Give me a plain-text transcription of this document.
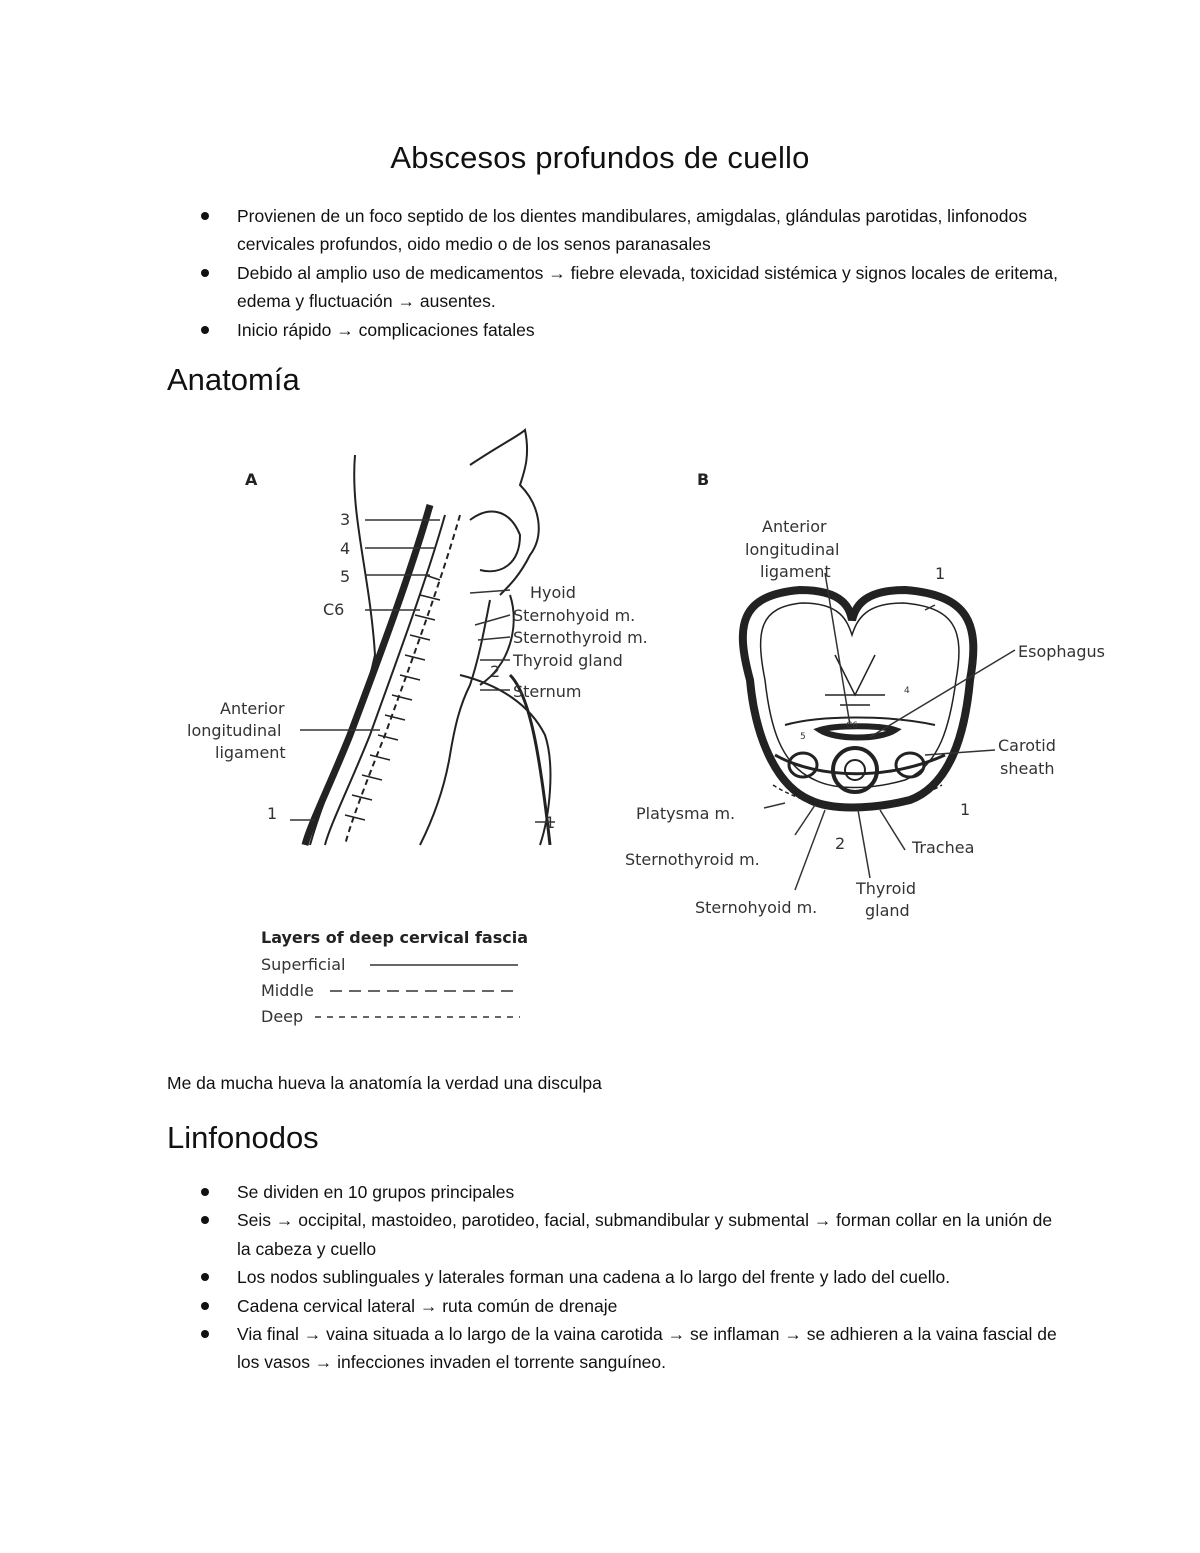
Abscesos profundos de cuello
Provienen de un foco septido de los dientes mandibulares, amigdalas, glándulas parotidas, linfonodos cervicales profundos, oido medio o de los senos paranasales
Debido al amplio uso de medicamentos → fiebre elevada, toxicidad sistémica y signos locales de eritema, edema y fluctuación → ausentes.
Inicio rápido → complicaciones fatales
Anatomía
A
3
4
5
C6
Hyoid
Sternohyoid m.
Sternothyroid m.
Thyroid gland
2
Sternum
Anterior
longitudinal
ligament
1	1
B
Anterior
longitudinal
ligament	1
Esophagus
4
5
C6
Carotid
sheath
Platysma m.	1
2	Trachea
Sternothyroid m.
Thyroid
gland
Sternohyoid m.
Layers of deep cervical fascia
Superficial
Middle
Deep

Me da mucha hueva la anatomía la verdad una disculpa

Linfonodos
Se dividen en 10 grupos principales
Seis → occipital, mastoideo, parotideo, facial, submandibular y submental → forman collar en la unión de la cabeza y cuello
Los nodos sublinguales y laterales forman una cadena a lo largo del frente y lado del cuello.
Cadena cervical lateral → ruta común de drenaje
Via final → vaina situada a lo largo de la vaina carotida → se inflaman → se adhieren a la vaina fascial de los vasos → infecciones invaden el torrente sanguíneo.
